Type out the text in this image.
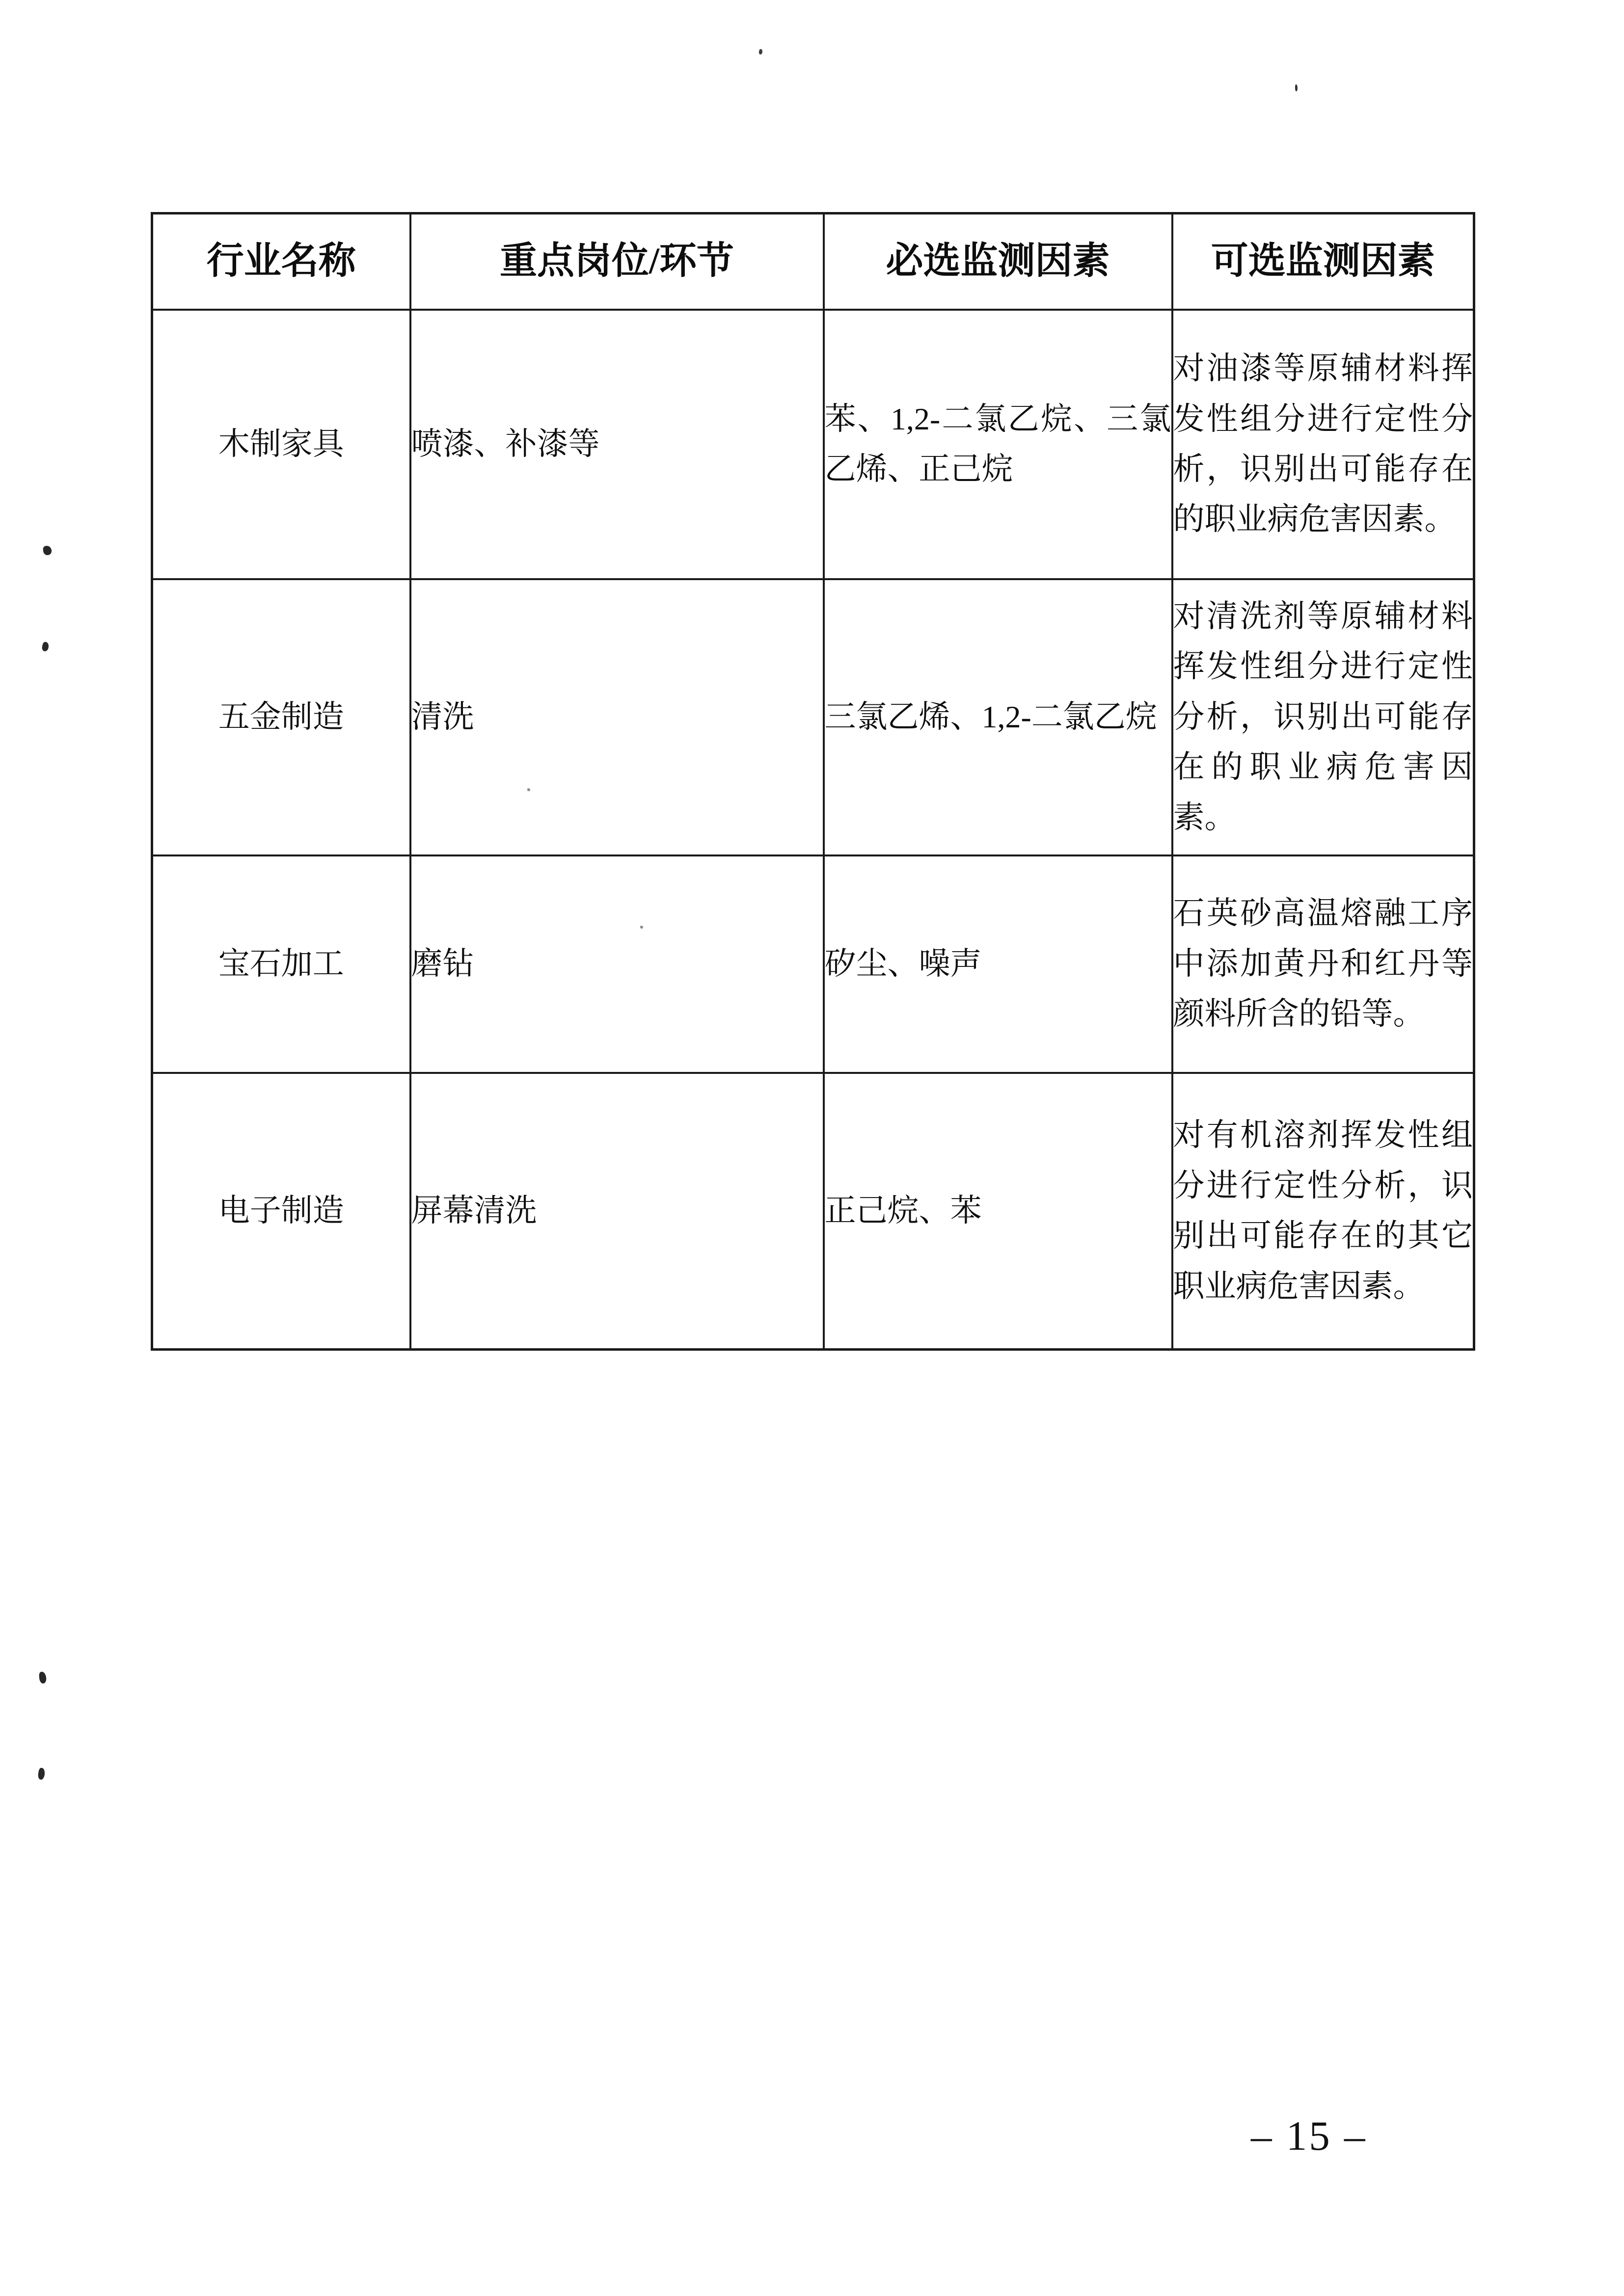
行业名称	重点岗位/环节	必选监测因素	可选监测因素
木制家具	喷漆、补漆等	苯、1,2-二氯乙烷、三氯乙烯、正己烷	对油漆等原辅材料挥发性组分进行定性分析，识别出可能存在的职业病危害因素。
五金制造	清洗	三氯乙烯、1,2-二氯乙烷	对清洗剂等原辅材料挥发性组分进行定性分析，识别出可能存在的职业病危害因素。
宝石加工	磨钻	矽尘、噪声	石英砂高温熔融工序中添加黄丹和红丹等颜料所含的铅等。
电子制造	屏幕清洗	正己烷、苯	对有机溶剂挥发性组分进行定性分析，识别出可能存在的其它职业病危害因素。
– 15 –
